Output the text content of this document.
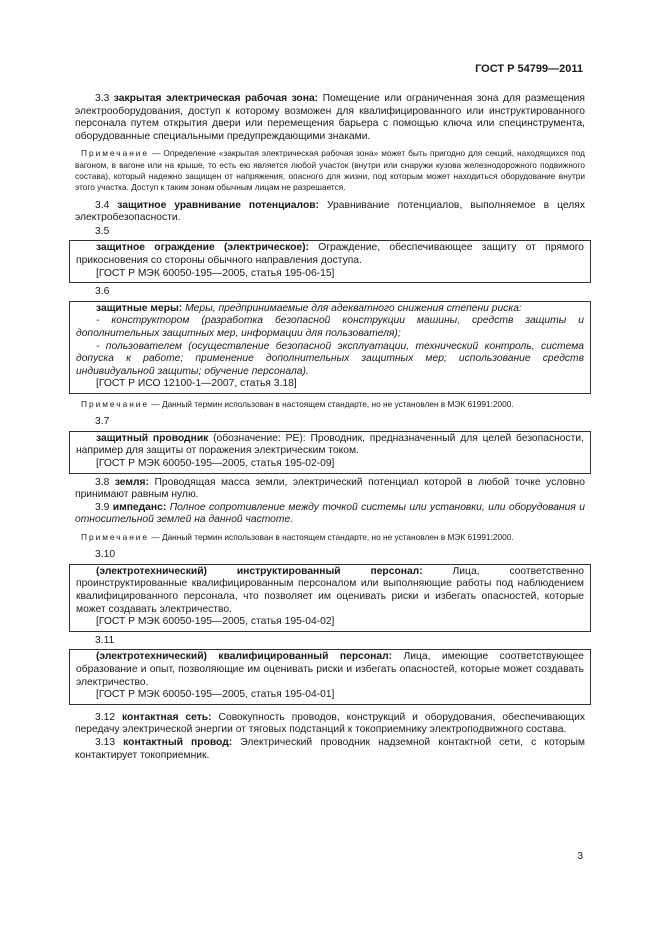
ГОСТ Р 54799—2011

3.3 закрытая электрическая рабочая зона: Помещение или ограниченная зона для размещения электрооборудования, доступ к которому возможен для квалифицированного или инструктированного персонала путем открытия двери или перемещения барьера с помощью ключа или специнструмента, оборудованные специальными предупреждающими знаками.

Примечание — Определение «закрытая электрическая рабочая зона» может быть пригодно для секций, находящихся под вагоном, в вагоне или на крыше, то есть ею является любой участок (внутри или снаружи кузова железнодорожного подвижного состава), который надежно защищен от напряжения, опасного для жизни, под которым может находиться оборудование внутри этого участка. Доступ к таким зонам обычным лицам не разрешается.

3.4 защитное уравнивание потенциалов: Уравнивание потенциалов, выполняемое в целях электробезопасности.

3.5

защитное ограждение (электрическое): Ограждение, обеспечивающее защиту от прямого прикосновения со стороны обычного направления доступа.

[ГОСТ Р МЭК 60050-195—2005, статья 195-06-15]

3.6

защитные меры: Меры, предпринимаемые для адекватного снижения степени риска:

- конструктором (разработка безопасной конструкции машины, средств защиты и дополнительных защитных мер, информации для пользователя);

- пользователем (осуществление безопасной эксплуатации, технический контроль, система допуска к работе; применение дополнительных защитных мер; использование средств индивидуальной защиты; обучение персонала).

[ГОСТ Р ИСО 12100-1—2007, статья 3.18]

Примечание — Данный термин использован в настоящем стандарте, но не установлен в МЭК 61991:2000.

3.7

защитный проводник (обозначение: PE): Проводник, предназначенный для целей безопасности, например для защиты от поражения электрическим током.

[ГОСТ Р МЭК 60050-195—2005, статья 195-02-09]

3.8 земля: Проводящая масса земли, электрический потенциал которой в любой точке условно принимают равным нулю.

3.9 импеданс: Полное сопротивление между точкой системы или установки, или оборудования и относительной землей на данной частоте.

Примечание — Данный термин использован в настоящем стандарте, но не установлен в МЭК 61991:2000.

3.10

(электротехнический) инструктированный персонал:	Лица, соответственно проинструктированные квалифицированным персоналом или выполняющие работы под наблюдением квалифицированного персонала, что позволяет им оценивать риски и избегать опасностей, которые может создавать электричество.

[ГОСТ Р МЭК 60050-195—2005, статья 195-04-02]

3.11

(электротехнический) квалифицированный персонал: Лица, имеющие соответствующее образование и опыт, позволяющие им оценивать риски и избегать опасностей, которые может создавать электричество.

[ГОСТ Р МЭК 60050-195—2005, статья 195-04-01]

3.12 контактная сеть: Совокупность проводов, конструкций и оборудования, обеспечивающих передачу электрической энергии от тяговых подстанций к токоприемнику электроподвижного состава.

3.13 контактный провод: Электрический проводник надземной контактной сети, с которым контактирует токоприемник.

3
